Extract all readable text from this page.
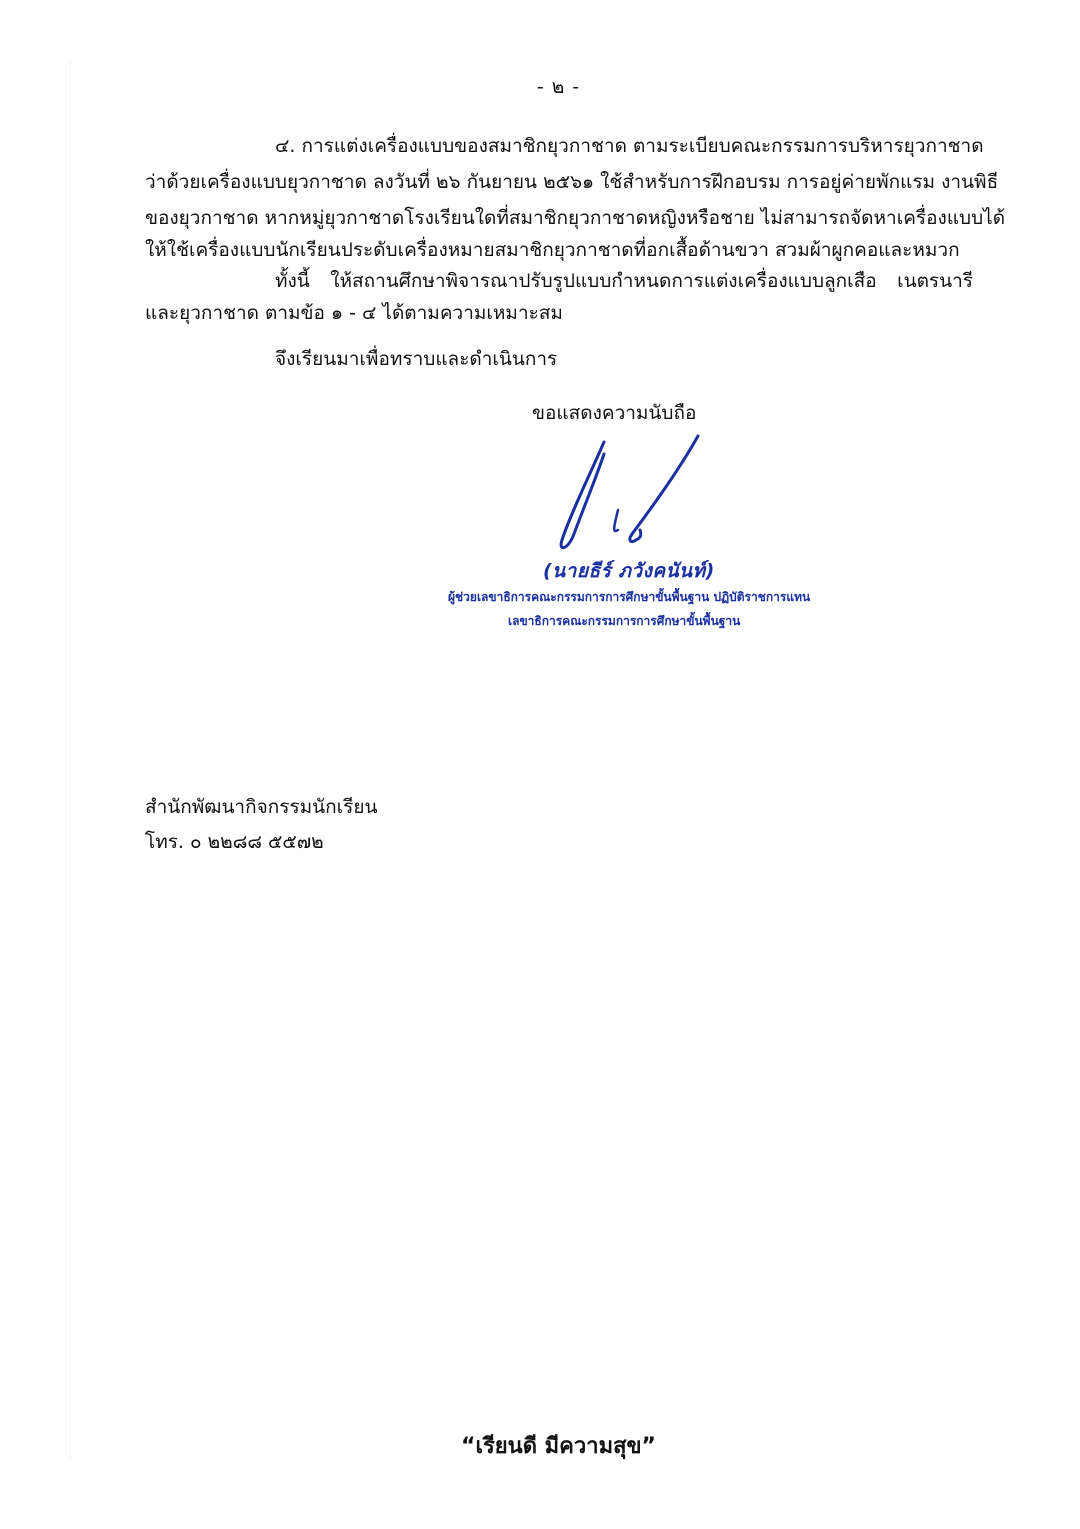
- ๒ -
๔. การแต่งเครื่องแบบของสมาชิกยุวกาชาด ตามระเบียบคณะกรรมการบริหารยุวกาชาด
ว่าด้วยเครื่องแบบยุวกาชาด ลงวันที่ ๒๖ กันยายน ๒๕๖๑ ใช้สำหรับการฝึกอบรม การอยู่ค่ายพักแรม งานพิธี
ของยุวกาชาด หากหมู่ยุวกาชาดโรงเรียนใดที่สมาชิกยุวกาชาดหญิงหรือชาย ไม่สามารถจัดหาเครื่องแบบได้
ให้ใช้เครื่องแบบนักเรียนประดับเครื่องหมายสมาชิกยุวกาชาดที่อกเสื้อด้านขวา สวมผ้าผูกคอและหมวก
ทั้งนี้ ให้สถานศึกษาพิจารณาปรับรูปแบบกำหนดการแต่งเครื่องแบบลูกเสือ เนตรนารี
และยุวกาชาด ตามข้อ ๑ - ๔ ได้ตามความเหมาะสม
จึงเรียนมาเพื่อทราบและดำเนินการ
ขอแสดงความนับถือ
(นายธีร์ ภวังคนันท์)
ผู้ช่วยเลขาธิการคณะกรรมการการศึกษาขั้นพื้นฐาน ปฏิบัติราชการแทน
เลขาธิการคณะกรรมการการศึกษาขั้นพื้นฐาน
สำนักพัฒนากิจกรรมนักเรียน
โทร. ๐ ๒๒๘๘ ๕๕๗๒
“เรียนดี มีความสุข”
